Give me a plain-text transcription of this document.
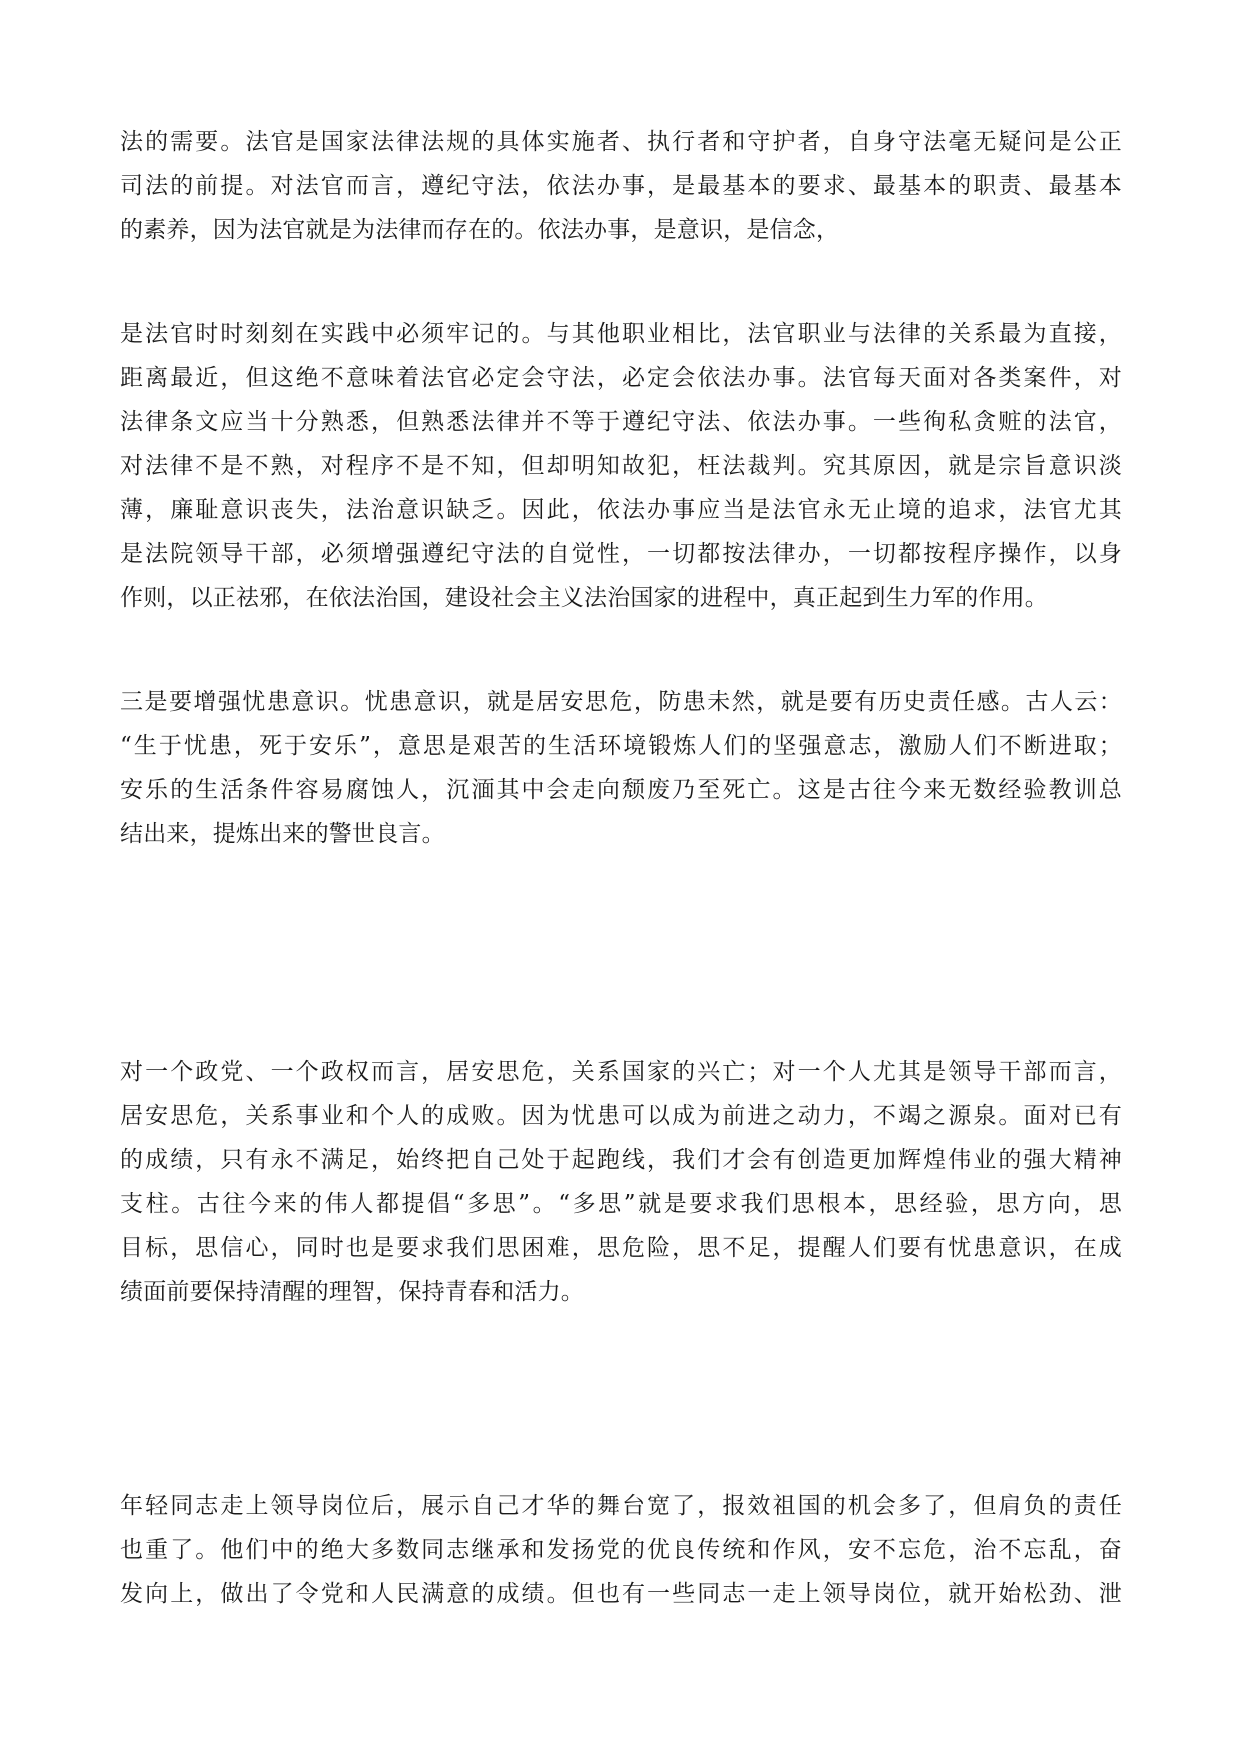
法的需要。法官是国家法律法规的具体实施者、执行者和守护者，自身守法毫无疑问是公正
司法的前提。对法官而言，遵纪守法，依法办事，是最基本的要求、最基本的职责、最基本
的素养，因为法官就是为法律而存在的。依法办事，是意识，是信念，

是法官时时刻刻在实践中必须牢记的。与其他职业相比，法官职业与法律的关系最为直接，
距离最近，但这绝不意味着法官必定会守法，必定会依法办事。法官每天面对各类案件，对
法律条文应当十分熟悉，但熟悉法律并不等于遵纪守法、依法办事。一些徇私贪赃的法官，
对法律不是不熟，对程序不是不知，但却明知故犯，枉法裁判。究其原因，就是宗旨意识淡
薄，廉耻意识丧失，法治意识缺乏。因此，依法办事应当是法官永无止境的追求，法官尤其
是法院领导干部，必须增强遵纪守法的自觉性，一切都按法律办，一切都按程序操作，以身
作则，以正祛邪，在依法治国，建设社会主义法治国家的进程中，真正起到生力军的作用。

三是要增强忧患意识。忧患意识，就是居安思危，防患未然，就是要有历史责任感。古人云：
“生于忧患，死于安乐”，意思是艰苦的生活环境锻炼人们的坚强意志，激励人们不断进取；
安乐的生活条件容易腐蚀人，沉湎其中会走向颓废乃至死亡。这是古往今来无数经验教训总
结出来，提炼出来的警世良言。

对一个政党、一个政权而言，居安思危，关系国家的兴亡；对一个人尤其是领导干部而言，
居安思危，关系事业和个人的成败。因为忧患可以成为前进之动力，不竭之源泉。面对已有
的成绩，只有永不满足，始终把自己处于起跑线，我们才会有创造更加辉煌伟业的强大精神
支柱。古往今来的伟人都提倡“多思”。“多思”就是要求我们思根本，思经验，思方向，思
目标，思信心，同时也是要求我们思困难，思危险，思不足，提醒人们要有忧患意识，在成
绩面前要保持清醒的理智，保持青春和活力。

年轻同志走上领导岗位后，展示自己才华的舞台宽了，报效祖国的机会多了，但肩负的责任
也重了。他们中的绝大多数同志继承和发扬党的优良传统和作风，安不忘危，治不忘乱，奋
发向上，做出了令党和人民满意的成绩。但也有一些同志一走上领导岗位，就开始松劲、泄
